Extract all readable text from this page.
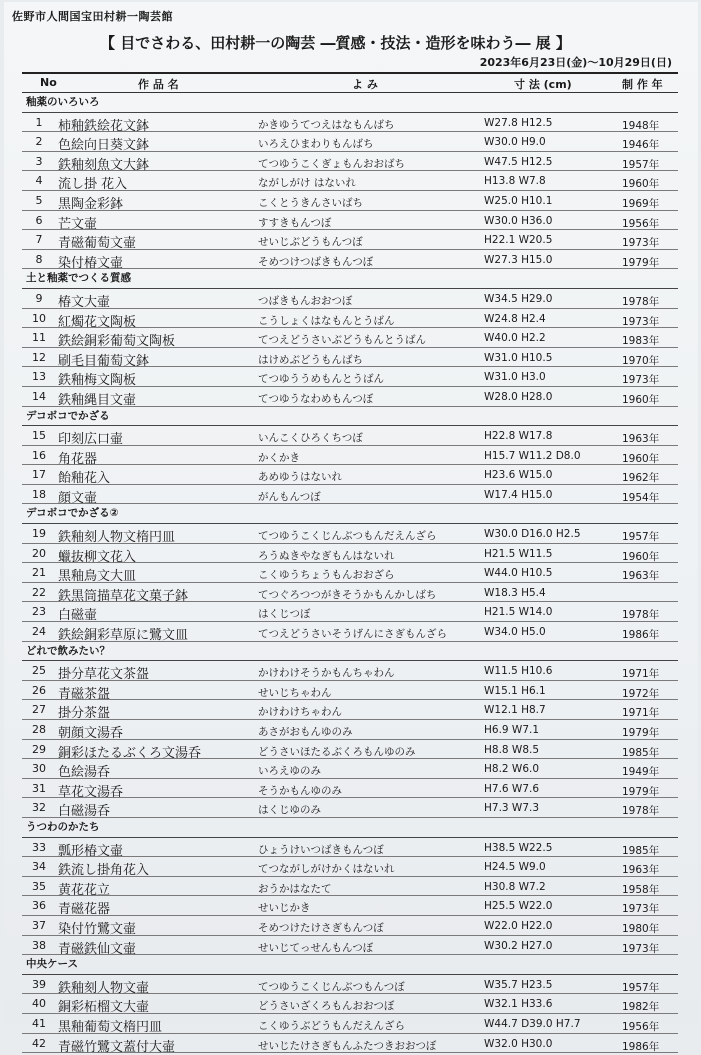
佐野市人間国宝田村耕一陶芸館
【 目でさわる、田村耕一の陶芸 ―質感・技法・造形を味わう― 展 】
2023年6月23日(金)～10月29日(日)
No	作 品 名	よ み	寸 法 (cm)	制 作 年
釉薬のいろいろ
1	柿釉鉄絵花文鉢	かきゆうてつえはなもんばち	W27.8 H12.5	1948年
2	色絵向日葵文鉢	いろえひまわりもんばち	W30.0 H9.0	1946年
3	鉄釉刻魚文大鉢	てつゆうこくぎょもんおおばち	W47.5 H12.5	1957年
4	流し掛 花入	ながしがけ はないれ	H13.8 W7.8	1960年
5	黒陶金彩鉢	こくとうきんさいばち	W25.0 H10.1	1969年
6	芒文壷	すすきもんつぼ	W30.0 H36.0	1956年
7	青磁葡萄文壷	せいじぶどうもんつぼ	H22.1 W20.5	1973年
8	染付椿文壷	そめつけつばきもんつぼ	W27.3 H15.0	1979年
土と釉薬でつくる質感
9	椿文大壷	つばきもんおおつぼ	W34.5 H29.0	1978年
10 紅燭花文陶板	こうしょくはなもんとうばん	W24.8 H2.4	1973年
11 鉄絵銅彩葡萄文陶板	てつえどうさいぶどうもんとうばん	W40.0 H2.2	1983年
12 刷毛目葡萄文鉢	はけめぶどうもんばち	W31.0 H10.5	1970年
13 鉄釉梅文陶板	てつゆううめもんとうばん	W31.0 H3.0	1973年
14 鉄釉縄目文壷	てつゆうなわめもんつぼ	W28.0 H28.0	1960年
デコボコでかざる
15 印刻広口壷	いんこくひろくちつぼ	H22.8 W17.8	1963年
16 角花器	かくかき	H15.7 W11.2 D8.0	1960年
17 飴釉花入	あめゆうはないれ	H23.6 W15.0	1962年
18 顔文壷	がんもんつぼ	W17.4 H15.0	1954年
デコボコでかざる②
19 鉄釉刻人物文楕円皿	てつゆうこくじんぶつもんだえんざら	W30.0 D16.0 H2.5	1957年
20 蠟抜柳文花入	ろうぬきやなぎもんはないれ	H21.5 W11.5	1960年
21 黒釉鳥文大皿	こくゆうちょうもんおおざら	W44.0 H10.5	1963年
22 鉄黒筒描草花文菓子鉢	てつぐろつつがきそうかもんかしばち	W18.3 H5.4
23 白磁壷	はくじつぼ	H21.5 W14.0	1978年
24 鉄絵銅彩草原に鷺文皿	てつえどうさいそうげんにさぎもんざら	W34.0 H5.0	1986年
どれで飲みたい？
25 掛分草花文茶盌	かけわけそうかもんちゃわん	W11.5 H10.6	1971年
26 青磁茶盌	せいじちゃわん	W15.1 H6.1	1972年
27 掛分茶盌	かけわけちゃわん	W12.1 H8.7	1971年
28 朝顔文湯呑	あさがおもんゆのみ	H6.9 W7.1	1979年
29 銅彩ほたるぶくろ文湯呑	どうさいほたるぶくろもんゆのみ	H8.8 W8.5	1985年
30 色絵湯呑	いろえゆのみ	H8.2 W6.0	1949年
31 草花文湯呑	そうかもんゆのみ	H7.6 W7.6	1979年
32 白磁湯呑	はくじゆのみ	H7.3 W7.3	1978年
うつわのかたち
33 瓢形椿文壷	ひょうけいつばきもんつぼ	H38.5 W22.5	1985年
34 鉄流し掛角花入	てつながしがけかくはないれ	H24.5 W9.0	1963年
35 黄花花立	おうかはなたて	H30.8 W7.2	1958年
36 青磁花器	せいじかき	H25.5 W22.0	1973年
37 染付竹鷺文壷	そめつけたけさぎもんつぼ	W22.0 H22.0	1980年
38 青磁鉄仙文壷	せいじてっせんもんつぼ	W30.2 H27.0	1973年
中央ケース
39 鉄釉刻人物文壷	てつゆうこくじんぶつもんつぼ	W35.7 H23.5	1957年
40 銅彩柘榴文大壷	どうさいざくろもんおおつぼ	W32.1 H33.6	1982年
41 黒釉葡萄文楕円皿	こくゆうぶどうもんだえんざら	W44.7 D39.0 H7.7	1956年
42 青磁竹鷺文蓋付大壷	せいじたけさぎもんふたつきおおつぼ	W32.0 H30.0	1986年
